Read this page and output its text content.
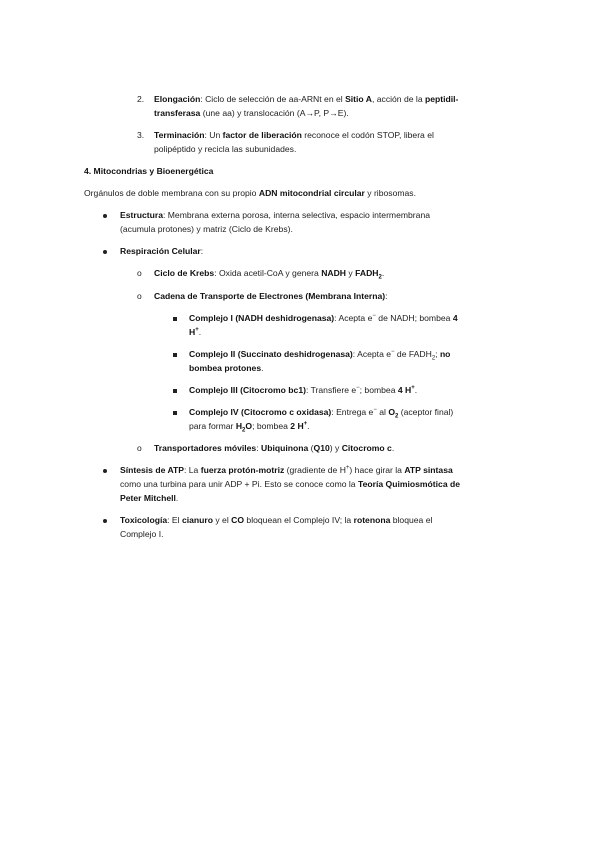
2. Elongación: Ciclo de selección de aa-ARNt en el Sitio A, acción de la peptidil-
transferasa (une aa) y translocación (A→P, P→E).
3. Terminación: Un factor de liberación reconoce el codón STOP, libera el
polipéptido y recicla las subunidades.
4. Mitocondrias y Bioenergética
Orgánulos de doble membrana con su propio ADN mitocondrial circular y ribosomas.
Estructura: Membrana externa porosa, interna selectiva, espacio intermembrana
(acumula protones) y matriz (Ciclo de Krebs).
Respiración Celular:
o Ciclo de Krebs: Oxida acetil-CoA y genera NADH y $FADH_2$.
o Cadena de Transporte de Electrones (Membrana Interna):
Complejo I (NADH deshidrogenasa): Acepta e− de NADH; bombea 4
H+.
Complejo II (Succinato deshidrogenasa): Acepta e− de $FADH_2$; no
bombea protones.
Complejo III (Citocromo bc1): Transfiere e−; bombea 4 H+.
Complejo IV (Citocromo c oxidasa): Entrega e− al $O_2$ (aceptor final)
para formar $H_2O$; bombea 2 H+.
o Transportadores móviles: Ubiquinona (Q10) y Citocromo c.
Síntesis de ATP: La fuerza protón-motriz (gradiente de H+) hace girar la ATP sintasa
como una turbina para unir ADP + Pi. Esto se conoce como la Teoría Quimiosmótica de
Peter Mitchell.
Toxicología: El cianuro y el CO bloquean el Complejo IV; la rotenona bloquea el
Complejo I.
